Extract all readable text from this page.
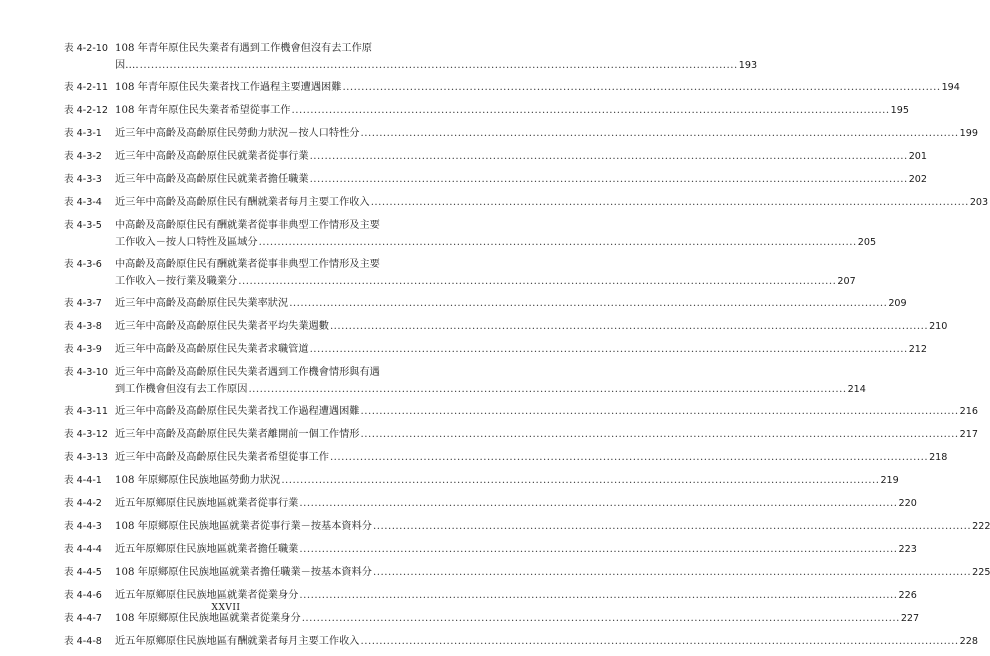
表 4-2-10 108 年青年原住民失業者有遇到工作機會但沒有去工作原
因…. .....	193
表 4-2-11 108 年青年原住民失業者找工作過程主要遭遇困難 .....	194
表 4-2-12 108 年青年原住民失業者希望從事工作 .....	195
表 4-3-1	近三年中高齡及高齡原住民勞動力狀況－按人口特性分 .....	199
表 4-3-2	近三年中高齡及高齡原住民就業者從事行業 .....	201
表 4-3-3	近三年中高齡及高齡原住民就業者擔任職業 .....	202
表 4-3-4	近三年中高齡及高齡原住民有酬就業者每月主要工作收入 .....	203
表 4-3-5	中高齡及高齡原住民有酬就業者從事非典型工作情形及主要
工作收入－按人口特性及區域分 .....	205
表 4-3-6	中高齡及高齡原住民有酬就業者從事非典型工作情形及主要
工作收入－按行業及職業分 .....	207
表 4-3-7	近三年中高齡及高齡原住民失業率狀況 .....	209
表 4-3-8	近三年中高齡及高齡原住民失業者平均失業週數 .....	210
表 4-3-9	近三年中高齡及高齡原住民失業者求職管道 .....	212
表 4-3-10 近三年中高齡及高齡原住民失業者遇到工作機會情形與有遇
到工作機會但沒有去工作原因 .....	214
表 4-3-11 近三年中高齡及高齡原住民失業者找工作過程遭遇困難 .....	216
表 4-3-12 近三年中高齡及高齡原住民失業者離開前一個工作情形 .....	217
表 4-3-13 近三年中高齡及高齡原住民失業者希望從事工作 .....	218
表 4-4-1	108 年原鄉原住民族地區勞動力狀況 .....	219
表 4-4-2	近五年原鄉原住民族地區就業者從事行業 .....	220
表 4-4-3	108 年原鄉原住民族地區就業者從事行業－按基本資料分 .....	222
表 4-4-4	近五年原鄉原住民族地區就業者擔任職業 .....	223
表 4-4-5	108 年原鄉原住民族地區就業者擔任職業－按基本資料分 .....	225
表 4-4-6	近五年原鄉原住民族地區就業者從業身分 .....	226
表 4-4-7	108 年原鄉原住民族地區就業者從業身分 .....	227
表 4-4-8	近五年原鄉原住民族地區有酬就業者每月主要工作收入 .....	228
XXVII
